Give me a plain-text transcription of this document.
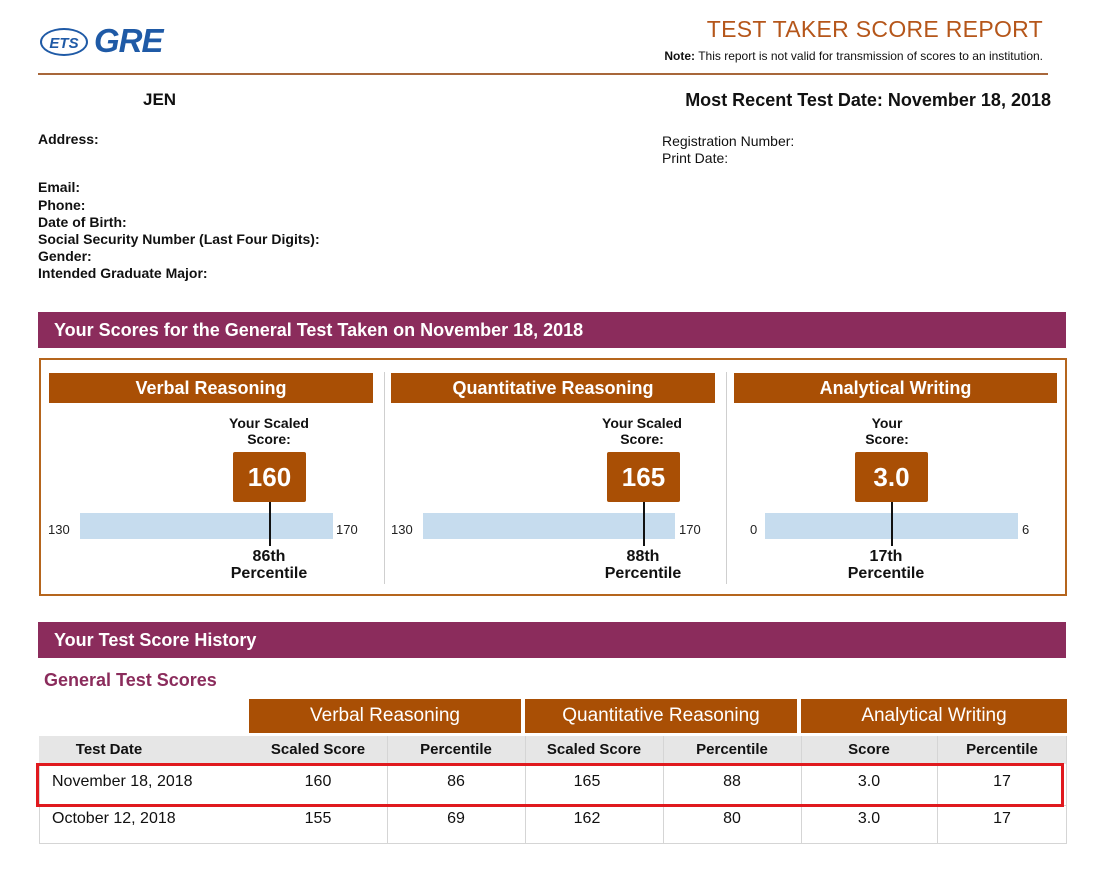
ETS GRE	TEST TAKER SCORE REPORT
Note: This report is not valid for transmission of scores to an institution.
JEN	Most Recent Test Date: November 18, 2018
Address:	Registration Number:
Print Date:
Email:
Phone:
Date of Birth:
Social Security Number (Last Four Digits):
Gender:
Intended Graduate Major:
Your Scores for the General Test Taken on November 18, 2018
Verbal Reasoning
Your Scaled
Score:
160
130	170
86th
Percentile
Quantitative Reasoning
Your Scaled
Score:
165
130	170
88th
Percentile
Analytical Writing
Your
Score:
3.0
0	6
17th
Percentile
Your Test Score History
General Test Scores
Verbal Reasoning	Quantitative Reasoning	Analytical Writing
Test Date	Scaled Score	Percentile	Scaled Score	Percentile	Score	Percentile
November 18, 2018	160	86	165	88	3.0	17
October 12, 2018	155	69	162	80	3.0	17
